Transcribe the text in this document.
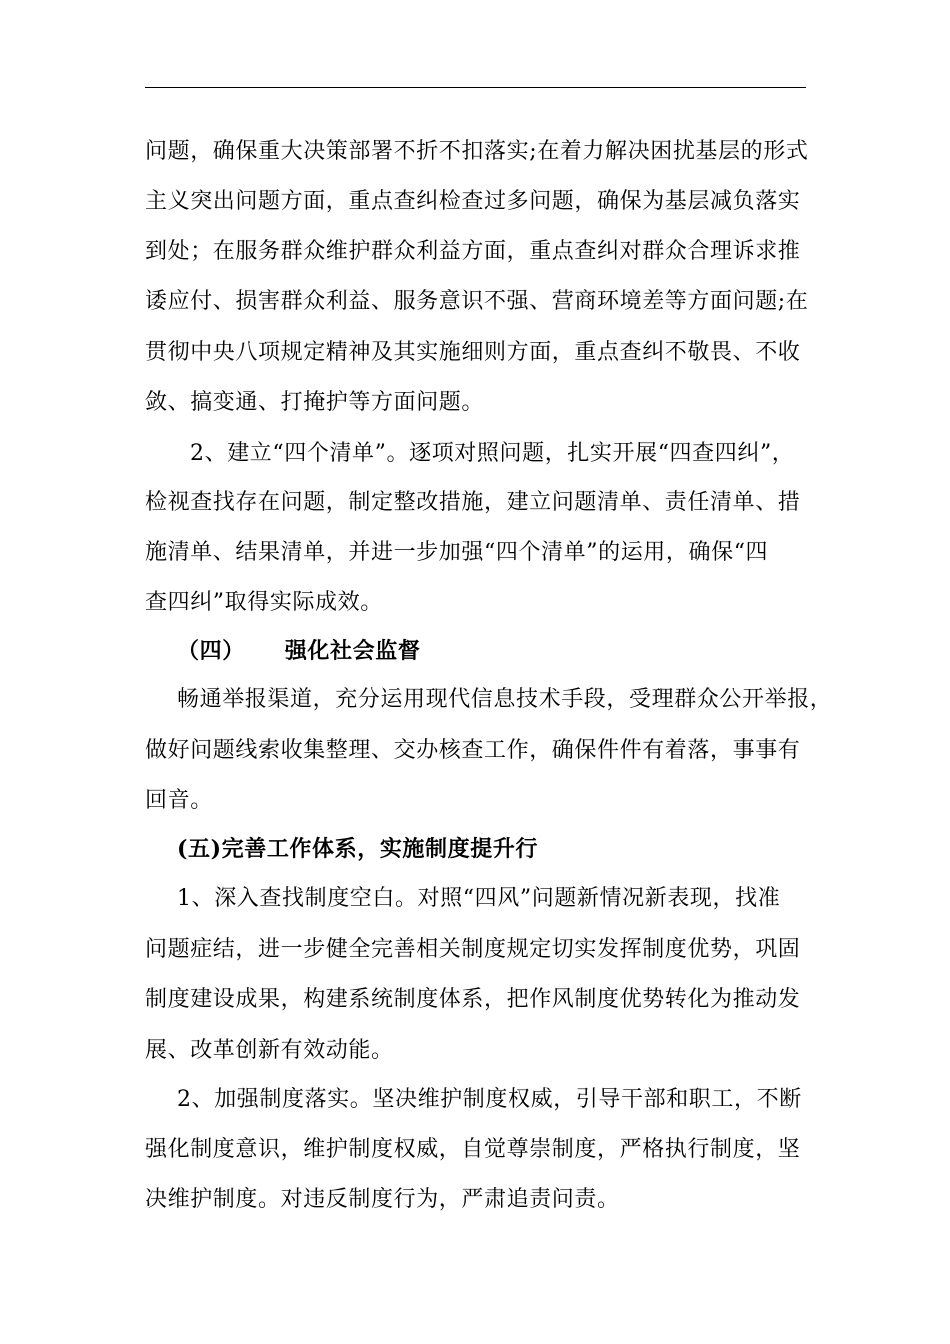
问题，确保重大决策部署不折不扣落实;在着力解决困扰基层的形式
主义突出问题方面，重点查纠检查过多问题，确保为基层减负落实
到处；在服务群众维护群众利益方面，重点查纠对群众合理诉求推
诿应付、损害群众利益、服务意识不强、营商环境差等方面问题;在
贯彻中央八项规定精神及其实施细则方面，重点查纠不敬畏、不收
敛、搞变通、打掩护等方面问题。
2、建立“四个清单”。逐项对照问题，扎实开展“四查四纠”，
检视查找存在问题，制定整改措施，建立问题清单、责任清单、措
施清单、结果清单，并进一步加强“四个清单”的运用，确保“四
查四纠”取得实际成效。
（四） 强化社会监督
畅通举报渠道，充分运用现代信息技术手段，受理群众公开举报，
做好问题线索收集整理、交办核查工作，确保件件有着落，事事有
回音。
(五)完善工作体系，实施制度提升行
1、深入查找制度空白。对照“四风”问题新情况新表现，找准
问题症结，进一步健全完善相关制度规定切实发挥制度优势，巩固
制度建设成果，构建系统制度体系，把作风制度优势转化为推动发
展、改革创新有效动能。
2、加强制度落实。坚决维护制度权威，引导干部和职工，不断
强化制度意识，维护制度权威，自觉尊崇制度，严格执行制度，坚
决维护制度。对违反制度行为，严肃追责问责。
